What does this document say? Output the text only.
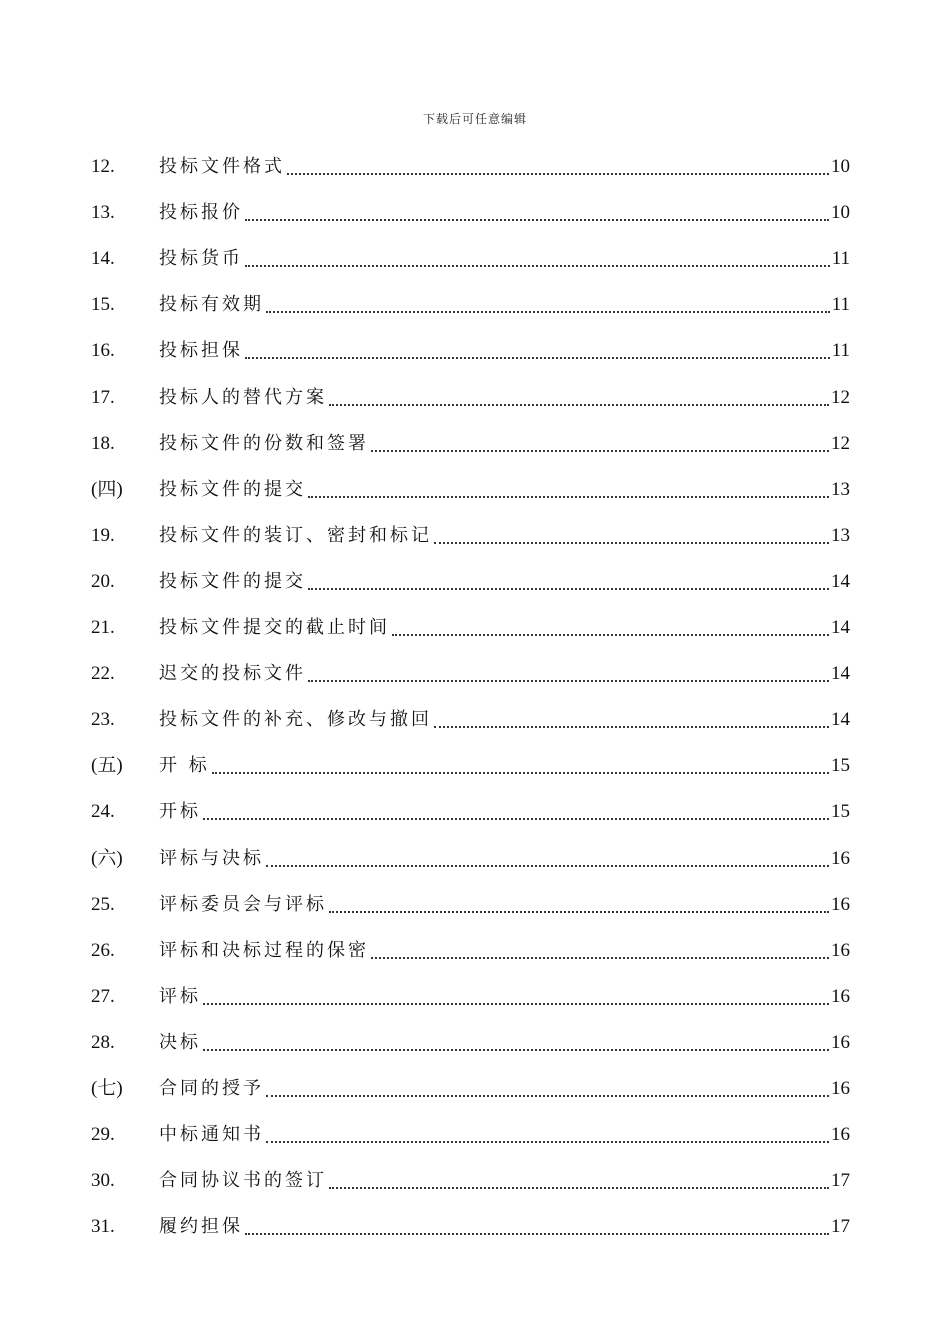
下载后可任意编辑
12.	投标文件格式	10
13.	投标报价	10
14.	投标货币	11
15.	投标有效期	11
16.	投标担保	11
17.	投标人的替代方案	12
18.	投标文件的份数和签署	12
(四)	投标文件的提交	13
19.	投标文件的装订、密封和标记	13
20.	投标文件的提交	14
21.	投标文件提交的截止时间	14
22.	迟交的投标文件	14
23.	投标文件的补充、修改与撤回	14
(五)	开 标	15
24.	开标	15
(六)	评标与决标	16
25.	评标委员会与评标	16
26.	评标和决标过程的保密	16
27.	评标	16
28.	决标	16
(七)	合同的授予	16
29.	中标通知书	16
30.	合同协议书的签订	17
31.	履约担保	17
